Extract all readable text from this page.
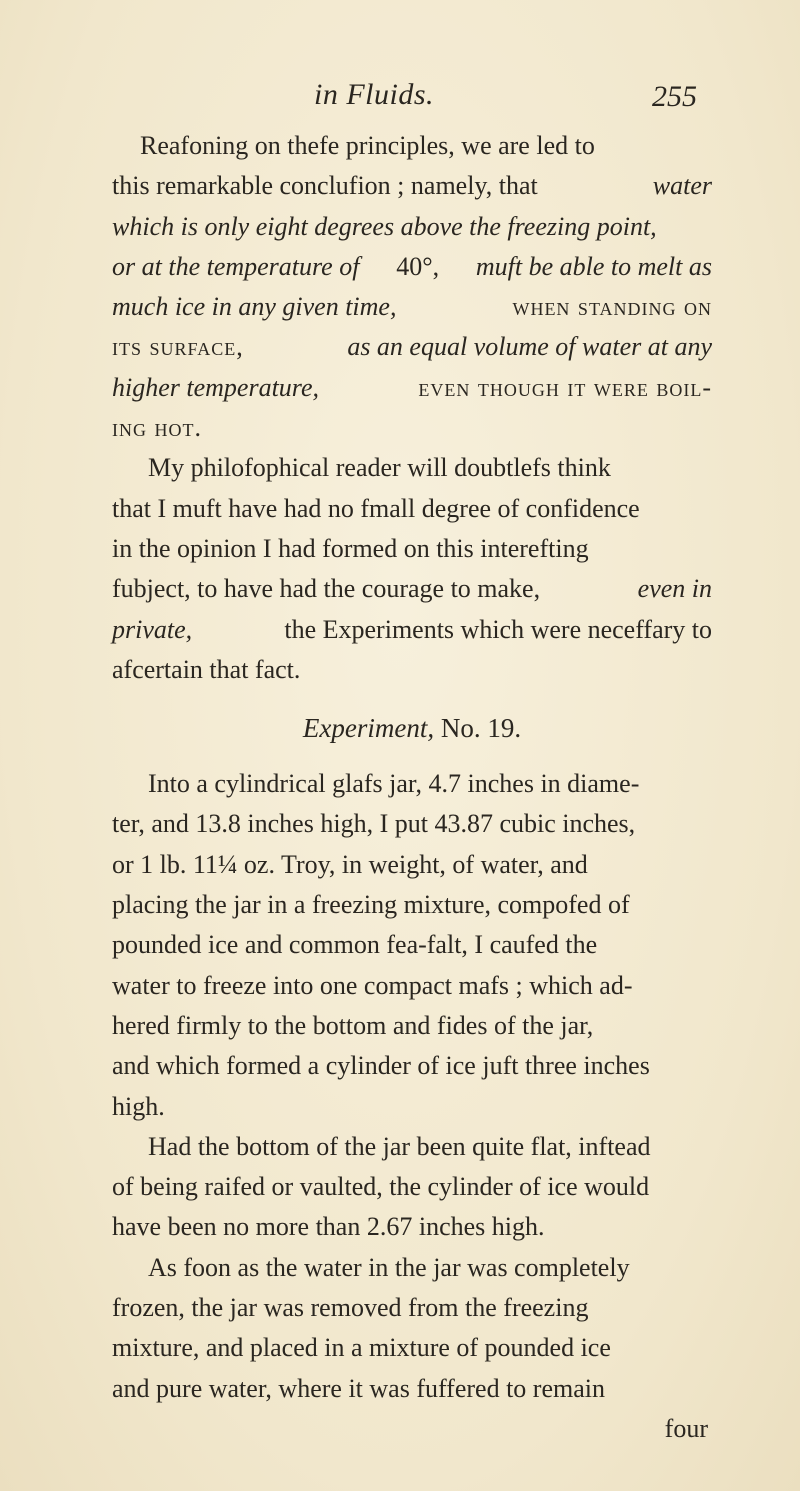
in Fluids.	255
Reafoning on thefe principles, we are led to
this remarkable conclufion ; namely, that	water
which is only eight degrees above the freezing point,
or at the temperature of 40°, muft be able to melt as
much ice in any given time,	when standing on
its surface,	as an equal volume of water at any
higher temperature,	even though it were boil-
ing hot.
My philofophical reader will doubtlefs think
that I muft have had no fmall degree of confidence
in the opinion I had formed on this interefting
fubject, to have had the courage to make,	even in
private,	the Experiments which were neceffary to
afcertain that fact.
Experiment, No. 19.
Into a cylindrical glafs jar, 4.7 inches in diame-
ter, and 13.8 inches high, I put 43.87 cubic inches,
or 1 lb. 11¼ oz. Troy, in weight, of water, and
placing the jar in a freezing mixture, compofed of
pounded ice and common fea-falt, I caufed the
water to freeze into one compact mafs ; which ad-
hered firmly to the bottom and fides of the jar,
and which formed a cylinder of ice juft three inches
high.
Had the bottom of the jar been quite flat, inftead
of being raifed or vaulted, the cylinder of ice would
have been no more than 2.67 inches high.
As foon as the water in the jar was completely
frozen, the jar was removed from the freezing
mixture, and placed in a mixture of pounded ice
and pure water, where it was fuffered to remain
four
